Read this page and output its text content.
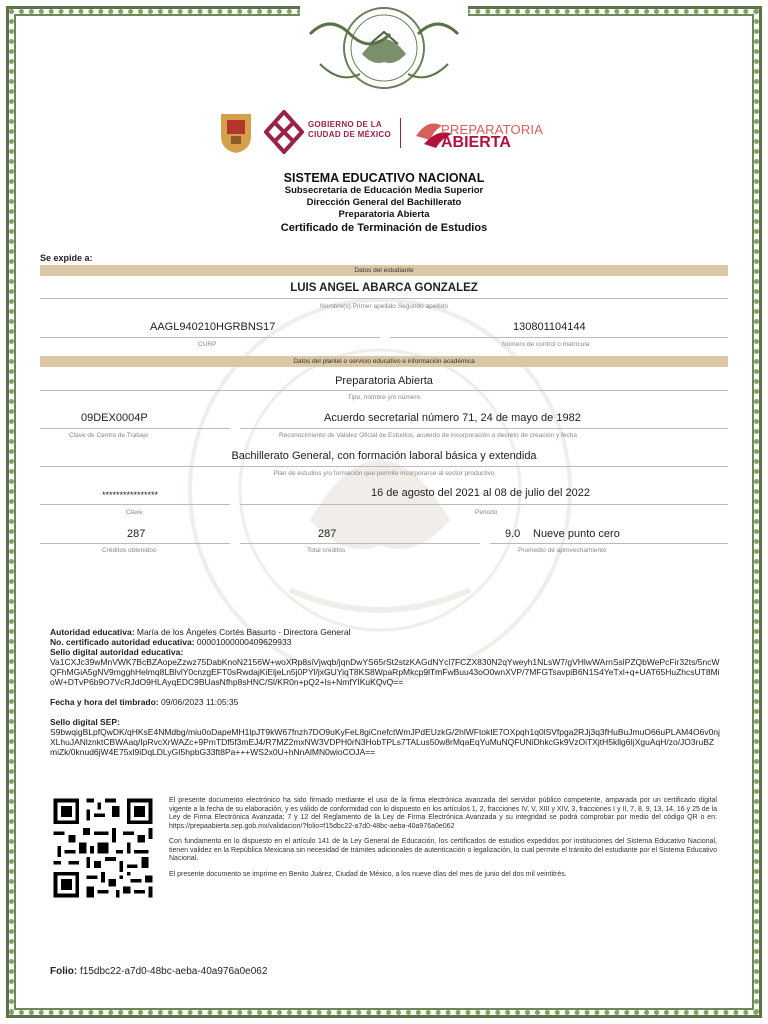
GOBIERNO DE LA
CIUDAD DE MÉXICO	PREPARATORIA
ABIERTA
SISTEMA EDUCATIVO NACIONAL
Subsecretaría de Educación Media Superior
Dirección General del Bachillerato
Preparatoria Abierta
Certificado de Terminación de Estudios
Se expide a:
Datos del estudiante
LUIS ANGEL ABARCA GONZALEZ
Nombre(s) Primer apellido Segundo apellido
AAGL940210HGRBNS17
CURP
130801104144
Número de control o matrícula
Datos del plantel o servicio educativo e información académica
Preparatoria Abierta
Tipo, nombre y/o número
09DEX0004P
Clave de Centro de Trabajo
Acuerdo secretarial número 71, 24 de mayo de 1982
Reconocimiento de Validez Oficial de Estudios, acuerdo de incorporación o decreto de creación y fecha
Bachillerato General, con formación laboral básica y extendida
Plan de estudios y/o formación que permite incorporarse al sector productivo
****************
Clave
16 de agosto del 2021 al 08 de julio del 2022
Periodo
287
Créditos obtenidos
287
Total créditos
9.0 Nueve punto cero
Promedio de aprovechamiento
Autoridad educativa: María de los Ángeles Cortés Basurto - Directora General
No. certificado autoridad educativa: 00001000000409629933
Sello digital autoridad educativa:
Va1CXJc39wMnVWK7BcBZAopeZzwz75DabKnoN2156W+woXRp8siVjwqb/jqnDwYS65rSt2stzKAGdNYcl7FCZX830N2qYweyh1NLsW7/gVHlwWArnSslPZQbWePcFir32ts/5ncWQFhMGiA5gNV9mgghHelmq8LBlvlY0cnzgEFT0sRwdajKiEljeLn5j0PYl/jxGUYiqT8KS8WpaRpMkcp9lTmFwBuu43oO0wnXVP/7MFGTsavpiB6N1S4YeTxl+q+UAT65HuZhcsUT8MioW+DTvP6b9O7VcRJdO9HLAyqEDC9BUasNfhp8sHNC/Sl/KR0n+pQ2+Is+NmfYIKuKQvQ==
Fecha y hora del timbrado: 09/06/2023 11:05:35
Sello digital SEP:
S9bwqigBLpfQwDK/qHKsE4NMdbg/miu0oDapeMH1lpJT9kW67fnzh7DO9uKyFeL8giCnefctWmJPdEUzkG/2hlWFtokIE7OXpqh1q0lSVfpga2RJj3q3fHuBuJmuO66uPLAM4O6v0njXLhuJANlznktCBWAaq/IpRvcXrWAZc+9PmTDf5f3mEJ4/R7MZ2mxNW3VDPH0rN3HobTPLs7TALus50w8rMqaEqYuMuNQFUNiDhkcGk9VzOiTXjtH5kllg6IjXguAqH/zo/JO3ruBZmiZk/0knud6jW4E75xl9iDqLDLyGI5hpbG33ft8Pa+++WS2x0U+hNnAlMN0wioCOJA==

El presente documento electrónico ha sido firmado mediante el uso de la firma electrónica avanzada del servidor público competente, amparada por un certificado digital vigente a la fecha de su elaboración, y es válido de conformidad con lo dispuesto en los artículos 1, 2, fracciones IV, V, XIII y XIV, 3, fracciones I y II, 7, 8, 9, 13, 14, 16 y 25 de la Ley de Firma Electrónica Avanzada; 7 y 12 del Reglamento de la Ley de Firma Electrónica Avanzada y su integridad se podrá comprobar por medio del código QR o en: https://prepaabierta.sep.gob.mx/validacion/?folio=f15dbc22-a7d0-48bc-aeba-40a976a0e062

Con fundamento en lo dispuesto en el artículo 141 de la Ley General de Educación, los certificados de estudios expedidos por instituciones del Sistema Educativo Nacional, tienen validez en la República Mexicana sin necesidad de trámites adicionales de autenticación o legalización, lo cual permite el tránsito del estudiante por el Sistema Educativo Nacional.

El presente documento se imprime en Benito Juárez, Ciudad de México, a los nueve días del mes de junio del dos mil veintitrés.

Folio: f15dbc22-a7d0-48bc-aeba-40a976a0e062
